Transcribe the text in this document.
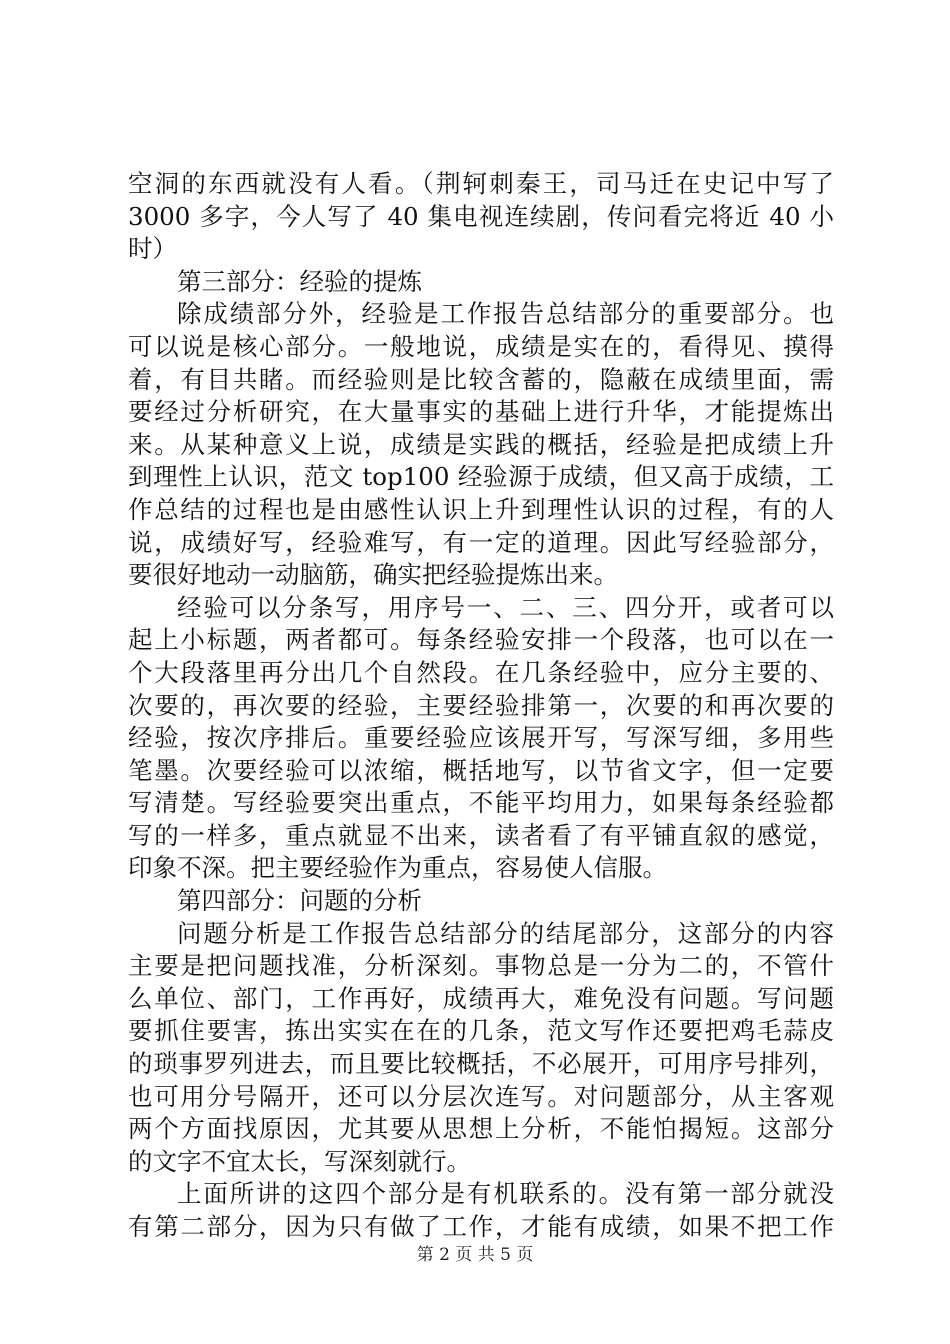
空洞的东西就没有人看。（荆轲刺秦王，司马迁在史记中写了

3000 多字，今人写了 40 集电视连续剧，传问看完将近 40 小

时）

第三部分：经验的提炼

除成绩部分外，经验是工作报告总结部分的重要部分。也

可以说是核心部分。一般地说，成绩是实在的，看得见、摸得

着，有目共睹。而经验则是比较含蓄的，隐蔽在成绩里面，需

要经过分析研究，在大量事实的基础上进行升华，才能提炼出

来。从某种意义上说，成绩是实践的概括，经验是把成绩上升

到理性上认识，范文 top100 经验源于成绩，但又高于成绩，工

作总结的过程也是由感性认识上升到理性认识的过程，有的人

说，成绩好写，经验难写，有一定的道理。因此写经验部分，

要很好地动一动脑筋，确实把经验提炼出来。

经验可以分条写，用序号一、二、三、四分开，或者可以

起上小标题，两者都可。每条经验安排一个段落，也可以在一

个大段落里再分出几个自然段。在几条经验中，应分主要的、

次要的，再次要的经验，主要经验排第一，次要的和再次要的

经验，按次序排后。重要经验应该展开写，写深写细，多用些

笔墨。次要经验可以浓缩，概括地写，以节省文字，但一定要

写清楚。写经验要突出重点，不能平均用力，如果每条经验都

写的一样多，重点就显不出来，读者看了有平铺直叙的感觉，

印象不深。把主要经验作为重点，容易使人信服。

第四部分：问题的分析

问题分析是工作报告总结部分的结尾部分，这部分的内容

主要是把问题找准，分析深刻。事物总是一分为二的，不管什

么单位、部门，工作再好，成绩再大，难免没有问题。写问题

要抓住要害，拣出实实在在的几条，范文写作还要把鸡毛蒜皮

的琐事罗列进去，而且要比较概括，不必展开，可用序号排列，

也可用分号隔开，还可以分层次连写。对问题部分，从主客观

两个方面找原因，尤其要从思想上分析，不能怕揭短。这部分

的文字不宜太长，写深刻就行。

上面所讲的这四个部分是有机联系的。没有第一部分就没

有第二部分，因为只有做了工作，才能有成绩，如果不把工作

第 2 页 共 5 页
